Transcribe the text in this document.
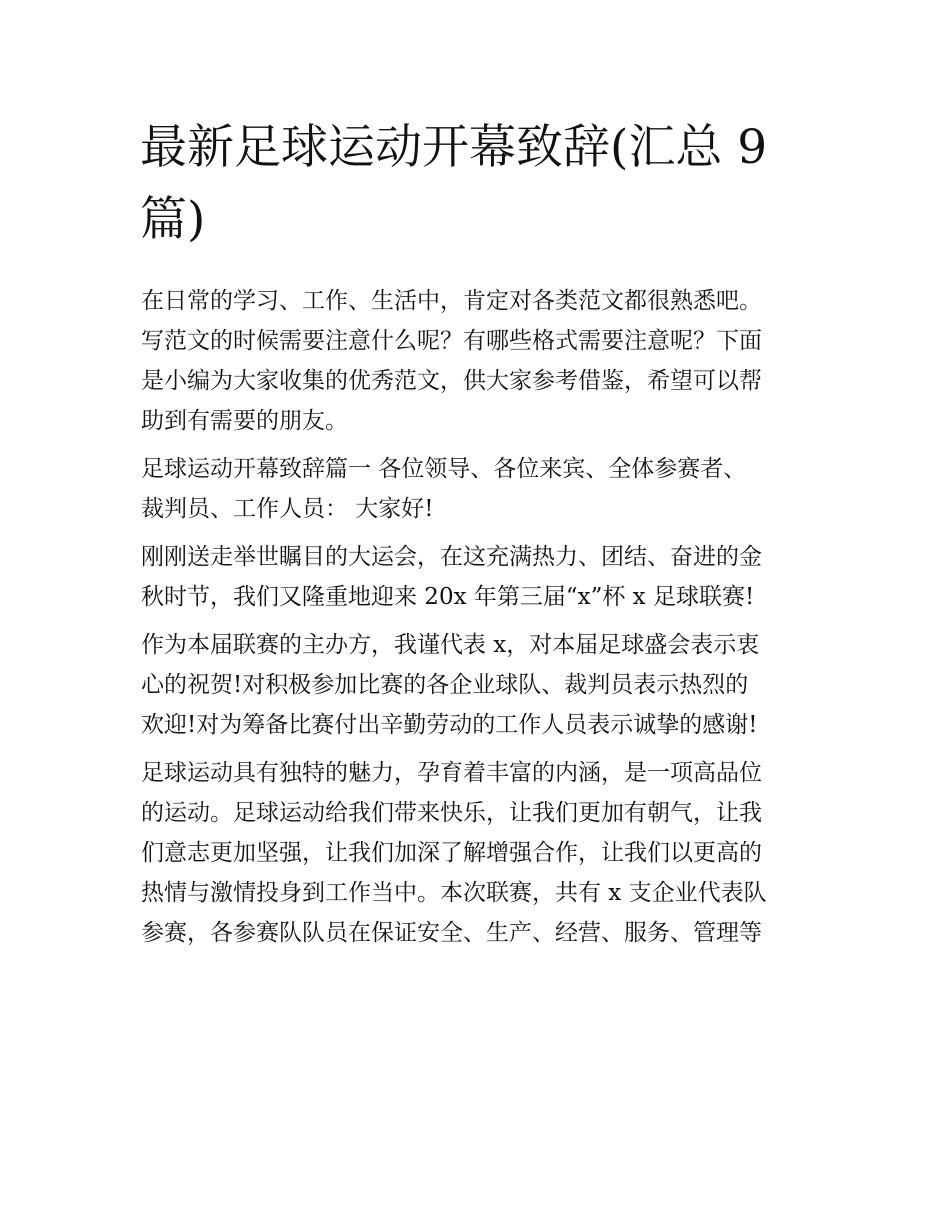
最新足球运动开幕致辞(汇总 9
篇)

在日常的学习、工作、生活中，肯定对各类范文都很熟悉吧。
写范文的时候需要注意什么呢？有哪些格式需要注意呢？下面
是小编为大家收集的优秀范文，供大家参考借鉴，希望可以帮
助到有需要的朋友。

足球运动开幕致辞篇一 各位领导、各位来宾、全体参赛者、
裁判员、工作人员： 大家好!

刚刚送走举世瞩目的大运会，在这充满热力、团结、奋进的金
秋时节，我们又隆重地迎来 20x 年第三届“x”杯 x 足球联赛!

作为本届联赛的主办方，我谨代表 x，对本届足球盛会表示衷
心的祝贺!对积极参加比赛的各企业球队、裁判员表示热烈的
欢迎!对为筹备比赛付出辛勤劳动的工作人员表示诚挚的感谢!

足球运动具有独特的魅力，孕育着丰富的内涵，是一项高品位
的运动。足球运动给我们带来快乐，让我们更加有朝气，让我
们意志更加坚强，让我们加深了解增强合作，让我们以更高的
热情与激情投身到工作当中。本次联赛，共有 x 支企业代表队
参赛，各参赛队队员在保证安全、生产、经营、服务、管理等
